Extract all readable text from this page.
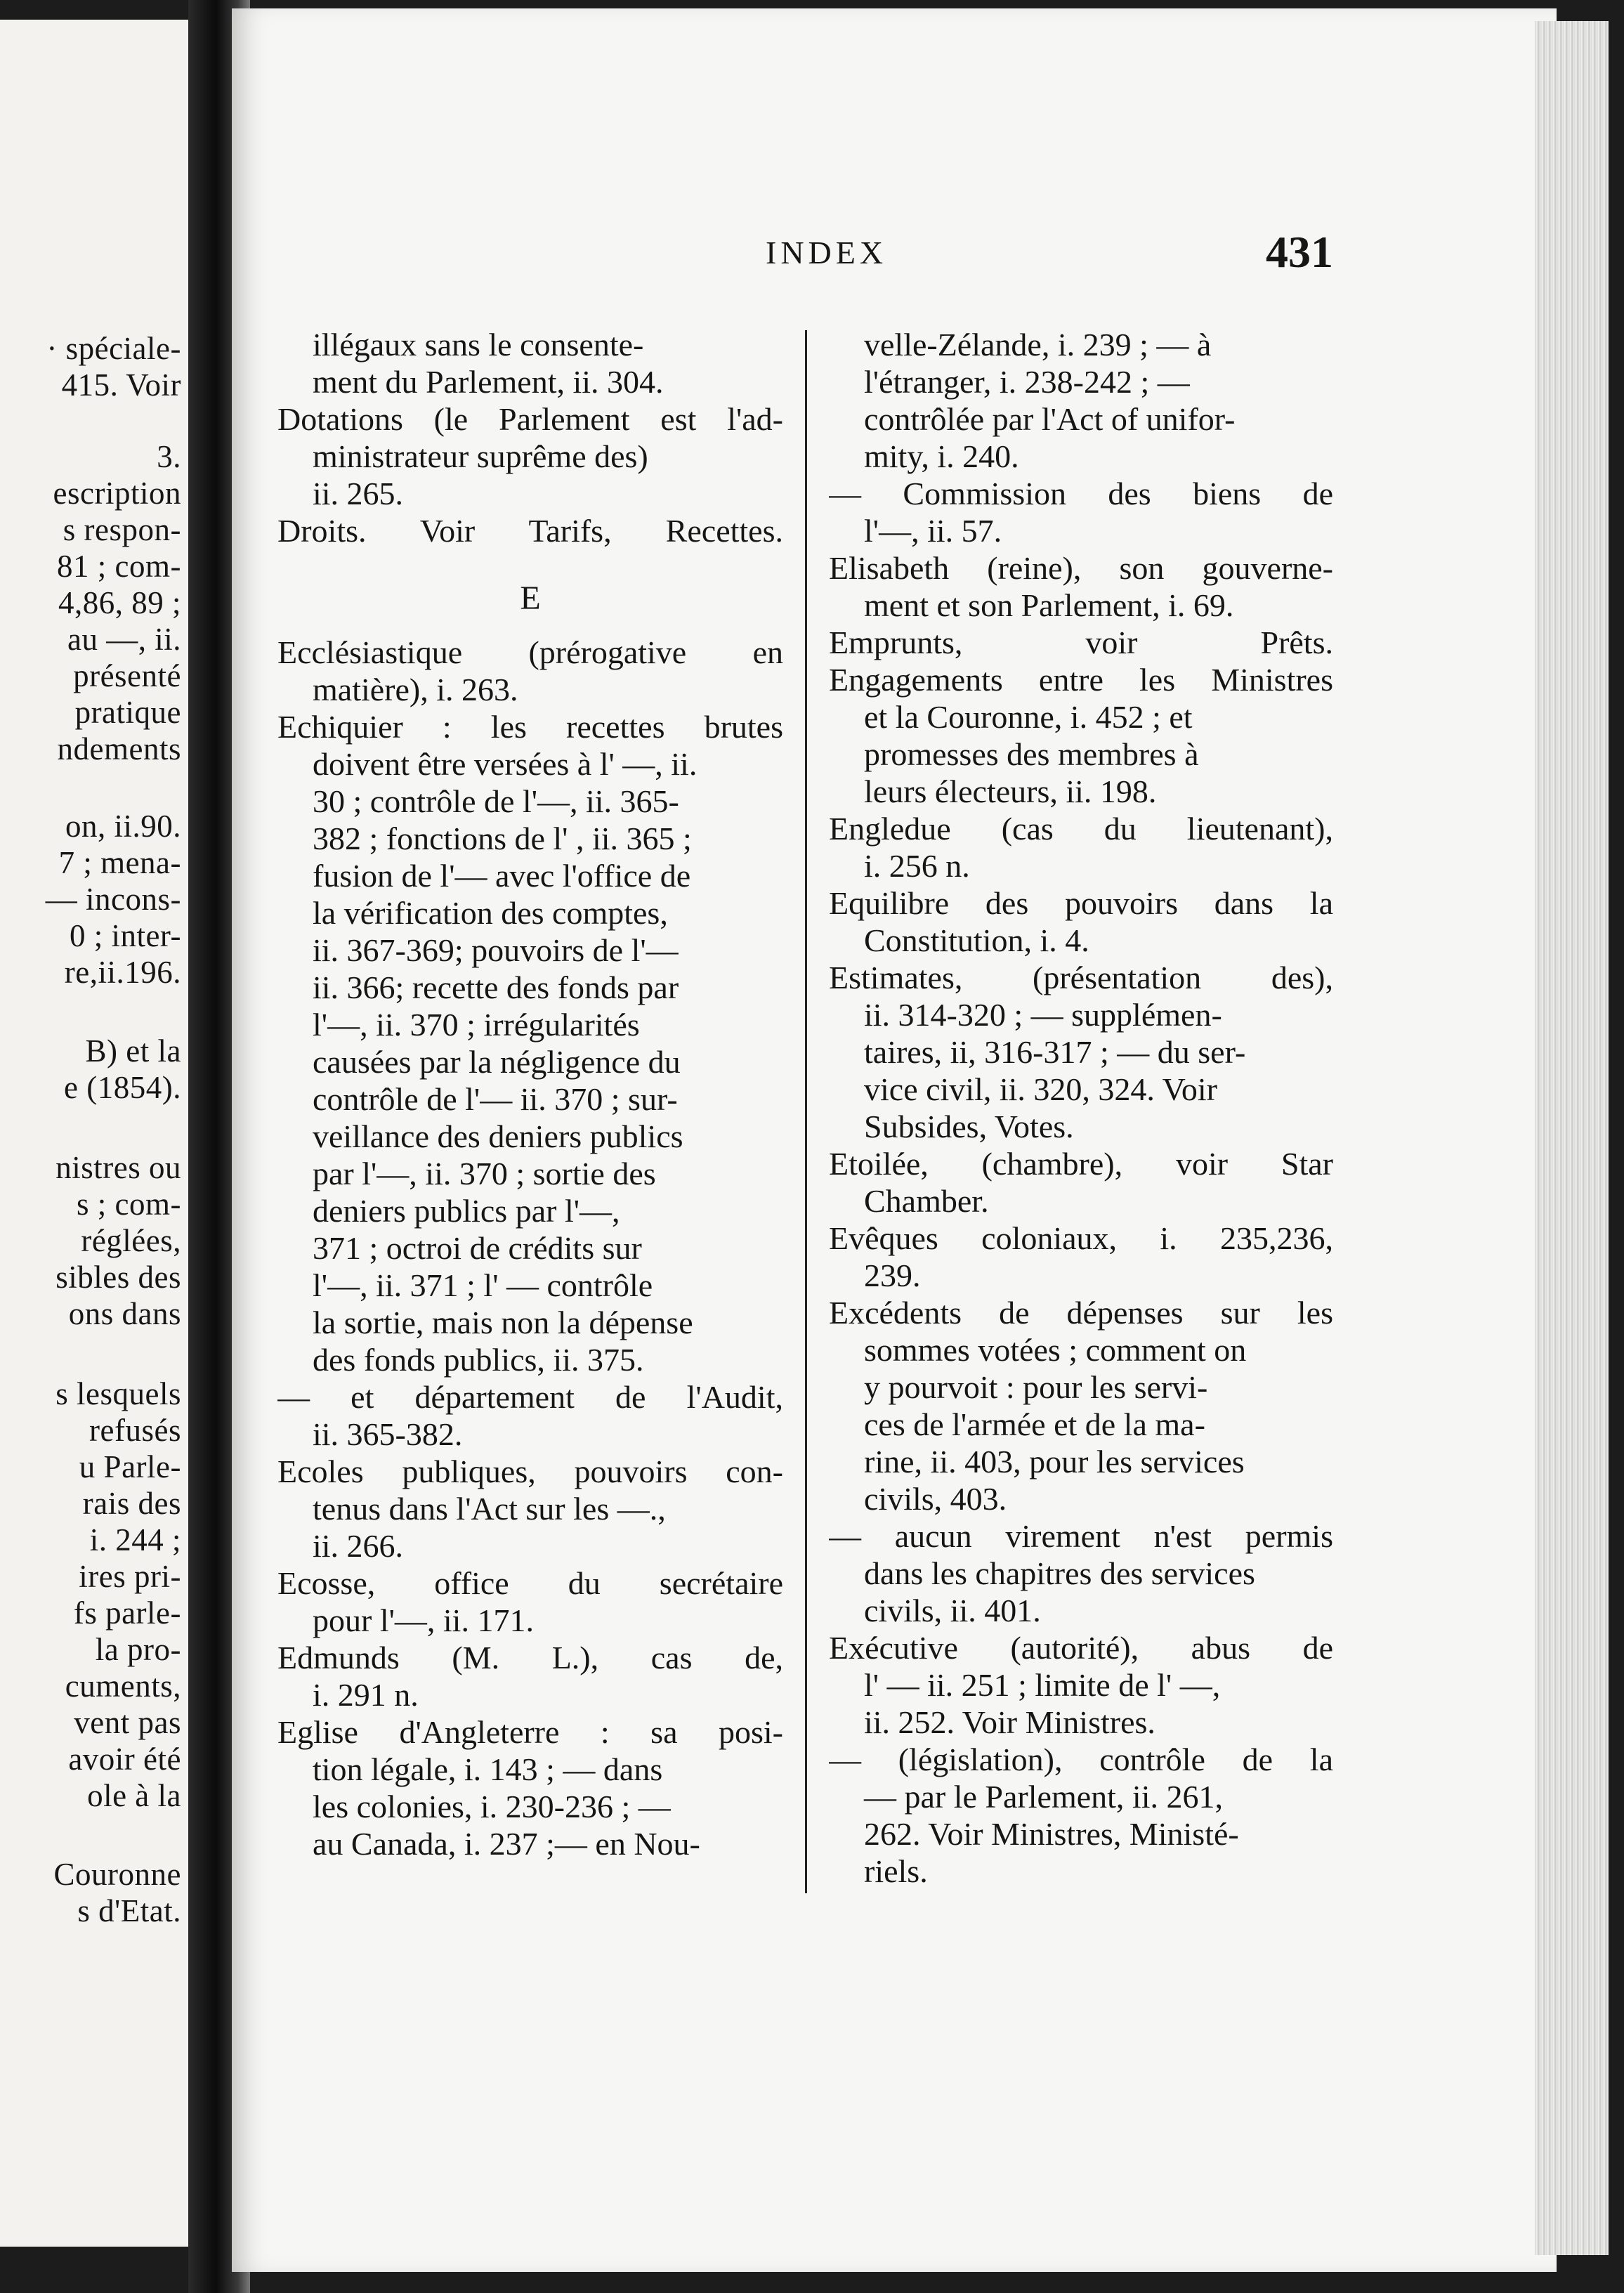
· spéciale-
415. Voir
3.
escription
s respon-
81 ; com-
4,86, 89 ;
au —, ii.
présenté
pratique
ndements
on, ii.90.
7 ; mena-
— incons-
0 ; inter-
re,ii.196.
B) et la
e (1854).
nistres ou
s ; com-
réglées,
sibles des
ons dans
s lesquels
refusés
u Parle-
rais des
i. 244 ;
ires pri-
fs parle-
la pro-
cuments,
vent pas
avoir été
ole à la
Couronne
s d'Etat.
INDEX	431
illégaux sans le consente-
ment du Parlement, ii. 304.
Dotations (le Parlement est l'ad-
ministrateur suprême des)
ii. 265.
Droits. Voir Tarifs, Recettes.
E
Ecclésiastique (prérogative en
matière), i. 263.
Echiquier : les recettes brutes
doivent être versées à l' —, ii.
30 ; contrôle de l'—, ii. 365-
382 ; fonctions de l' , ii. 365 ;
fusion de l'— avec l'office de
la vérification des comptes,
ii. 367-369; pouvoirs de l'—
ii. 366; recette des fonds par
l'—, ii. 370 ; irrégularités
causées par la négligence du
contrôle de l'— ii. 370 ; sur-
veillance des deniers publics
par l'—, ii. 370 ; sortie des
deniers publics par l'—,
371 ; octroi de crédits sur
l'—, ii. 371 ; l' — contrôle
la sortie, mais non la dépense
des fonds publics, ii. 375.
— et département de l'Audit,
ii. 365-382.
Ecoles publiques, pouvoirs con-
tenus dans l'Act sur les —.,
ii. 266.
Ecosse, office du secrétaire
pour l'—, ii. 171.
Edmunds (M. L.), cas de,
i. 291 n.
Eglise d'Angleterre : sa posi-
tion légale, i. 143 ; — dans
les colonies, i. 230-236 ; —
au Canada, i. 237 ;— en Nou-
velle-Zélande, i. 239 ; — à
l'étranger, i. 238-242 ; —
contrôlée par l'Act of unifor-
mity, i. 240.
— Commission des biens de
l'—, ii. 57.
Elisabeth (reine), son gouverne-
ment et son Parlement, i. 69.
Emprunts, voir Prêts.
Engagements entre les Ministres
et la Couronne, i. 452 ; et
promesses des membres à
leurs électeurs, ii. 198.
Engledue (cas du lieutenant),
i. 256 n.
Equilibre des pouvoirs dans la
Constitution, i. 4.
Estimates, (présentation des),
ii. 314-320 ; — supplémen-
taires, ii, 316-317 ; — du ser-
vice civil, ii. 320, 324. Voir
Subsides, Votes.
Etoilée, (chambre), voir Star
Chamber.
Evêques coloniaux, i. 235,236,
239.
Excédents de dépenses sur les
sommes votées ; comment on
y pourvoit : pour les servi-
ces de l'armée et de la ma-
rine, ii. 403, pour les services
civils, 403.
— aucun virement n'est permis
dans les chapitres des services
civils, ii. 401.
Exécutive (autorité), abus de
l' — ii. 251 ; limite de l' —,
ii. 252. Voir Ministres.
— (législation), contrôle de la
— par le Parlement, ii. 261,
262. Voir Ministres, Ministé-
riels.
